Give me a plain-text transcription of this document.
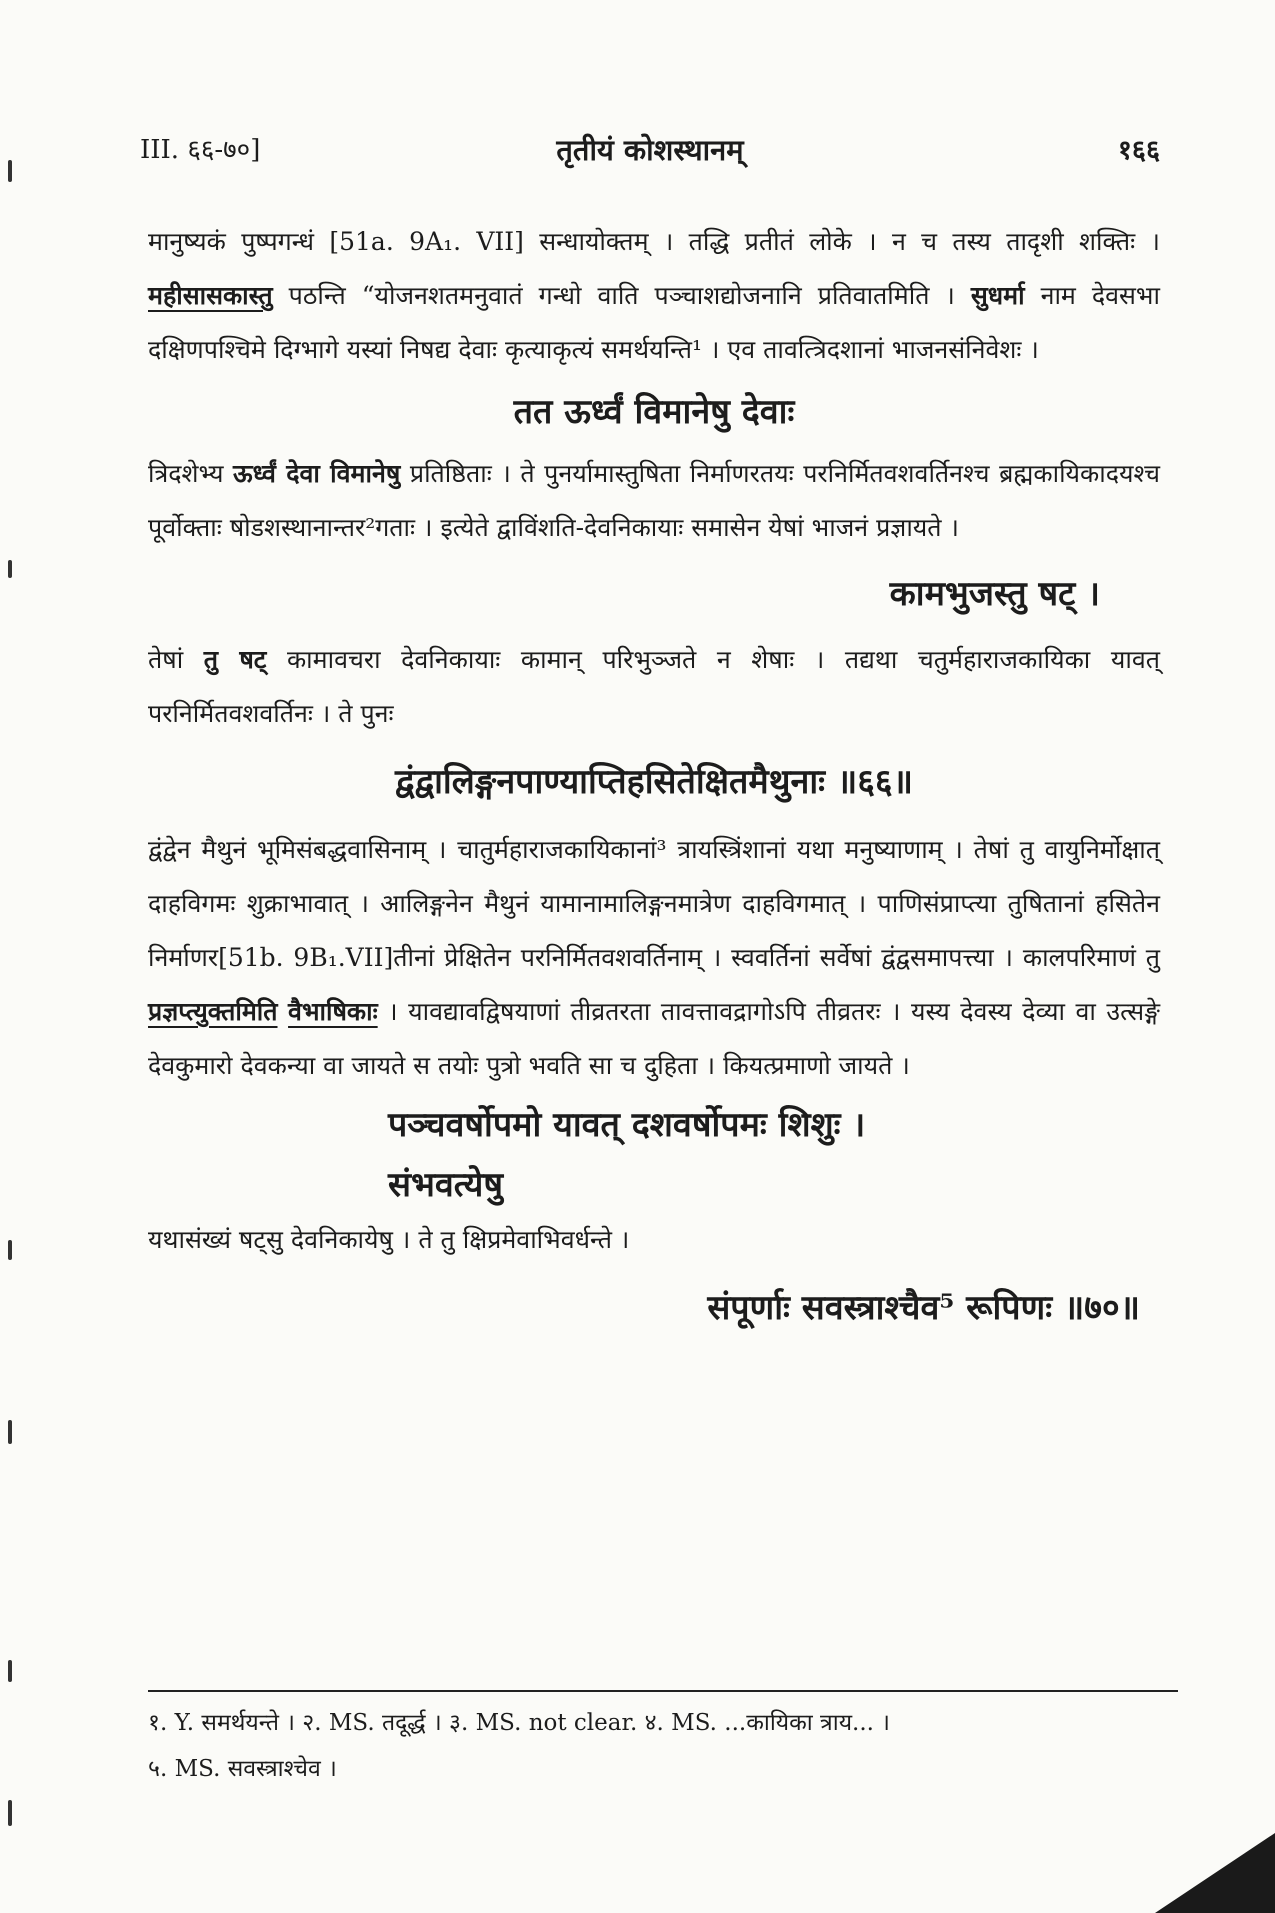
III. ६६-७०]	तृतीयं कोशस्थानम्	१६६

मानुष्यकं पुष्पगन्धं [51a. 9A₁. VII] सन्धायोक्तम् । तद्धि प्रतीतं लोके । न च तस्य तादृशी शक्तिः । महीसासकास्तु पठन्ति “योजनशतमनुवातं गन्धो वाति पञ्चाशद्योजनानि प्रतिवातमिति । सुधर्मा नाम देवसभा दक्षिणपश्चिमे दिग्भागे यस्यां निषद्य देवाः कृत्याकृत्यं समर्थयन्ति¹ । एव तावत्त्रिदशानां भाजनसंनिवेशः ।

तत ऊर्ध्वं विमानेषु देवाः

त्रिदशेभ्य ऊर्ध्वं देवा विमानेषु प्रतिष्ठिताः । ते पुनर्यामास्तुषिता निर्माणरतयः परनिर्मितवशवर्तिनश्च ब्रह्मकायिकादयश्च पूर्वोक्ताः षोडशस्थानान्तर²गताः । इत्येते द्वाविंशति-देवनिकायाः समासेन येषां भाजनं प्रज्ञायते ।

कामभुजस्तु षट् ।

तेषां तु षट् कामावचरा देवनिकायाः कामान् परिभुञ्जते न शेषाः । तद्यथा चतुर्महाराजकायिका यावत् परनिर्मितवशवर्तिनः । ते पुनः

द्वंद्वालिङ्गनपाण्याप्तिहसितेक्षितमैथुनाः ॥६६॥

द्वंद्वेन मैथुनं भूमिसंबद्धवासिनाम् । चातुर्महाराजकायिकानां³ त्रायस्त्रिंशानां यथा मनुष्याणाम् । तेषां तु वायुनिर्मोक्षात् दाहविगमः शुक्राभावात् । आलिङ्गनेन मैथुनं यामानामालिङ्गनमात्रेण दाहविगमात् । पाणिसंप्राप्त्या तुषितानां हसितेन निर्माणर[51b. 9B₁.VII]तीनां प्रेक्षितेन परनिर्मितवशवर्तिनाम् । स्ववर्तिनां सर्वेषां द्वंद्वसमापत्त्या । कालपरिमाणं तु प्रज्ञप्त्युक्तमिति वैभाषिकाः । यावद्यावद्विषयाणां तीव्रतरता तावत्तावद्रागोऽपि तीव्रतरः । यस्य देवस्य देव्या वा उत्सङ्गे देवकुमारो देवकन्या वा जायते स तयोः पुत्रो भवति सा च दुहिता । कियत्प्रमाणो जायते ।

पञ्चवर्षोपमो यावत् दशवर्षोपमः शिशुः ।

संभवत्येषु

यथासंख्यं षट्सु देवनिकायेषु । ते तु क्षिप्रमेवाभिवर्धन्ते ।

संपूर्णाः सवस्त्राश्चैव⁵ रूपिणः ॥७०॥

१. Y. समर्थयन्ते । २. MS. तदूर्द्ध । ३. MS. not clear. ४. MS. ...कायिका त्राय... ।

५. MS. सवस्त्राश्चेव ।
